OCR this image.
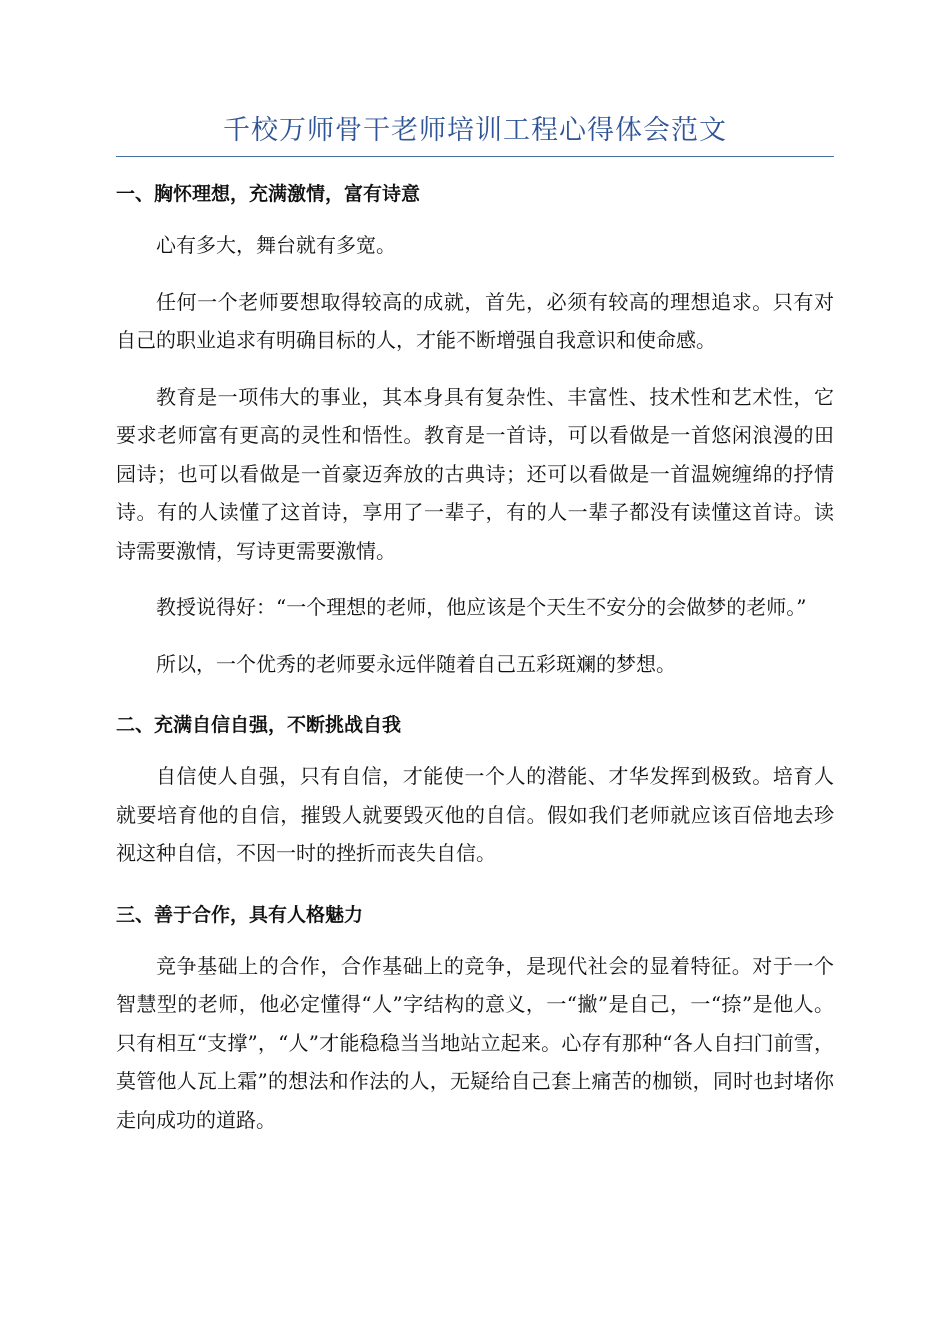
千校万师骨干老师培训工程心得体会范文
一、胸怀理想，充满激情，富有诗意

心有多大，舞台就有多宽。

任何一个老师要想取得较高的成就，首先，必须有较高的理想追求。只有对自己的职业追求有明确目标的人，才能不断增强自我意识和使命感。

教育是一项伟大的事业，其本身具有复杂性、丰富性、技术性和艺术性，它要求老师富有更高的灵性和悟性。教育是一首诗，可以看做是一首悠闲浪漫的田园诗；也可以看做是一首豪迈奔放的古典诗；还可以看做是一首温婉缠绵的抒情诗。有的人读懂了这首诗，享用了一辈子，有的人一辈子都没有读懂这首诗。读诗需要激情，写诗更需要激情。

教授说得好：“一个理想的老师，他应该是个天生不安分的会做梦的老师。”

所以，一个优秀的老师要永远伴随着自己五彩斑斓的梦想。

二、充满自信自强，不断挑战自我

自信使人自强，只有自信，才能使一个人的潜能、才华发挥到极致。培育人就要培育他的自信，摧毁人就要毁灭他的自信。假如我们老师就应该百倍地去珍视这种自信，不因一时的挫折而丧失自信。

三、善于合作，具有人格魅力

竞争基础上的合作，合作基础上的竞争，是现代社会的显着特征。对于一个智慧型的老师，他必定懂得“人”字结构的意义，一“撇”是自己，一“捺”是他人。只有相互“支撑”，“人”才能稳稳当当地站立起来。心存有那种“各人自扫门前雪，莫管他人瓦上霜”的想法和作法的人，无疑给自己套上痛苦的枷锁，同时也封堵你走向成功的道路。
